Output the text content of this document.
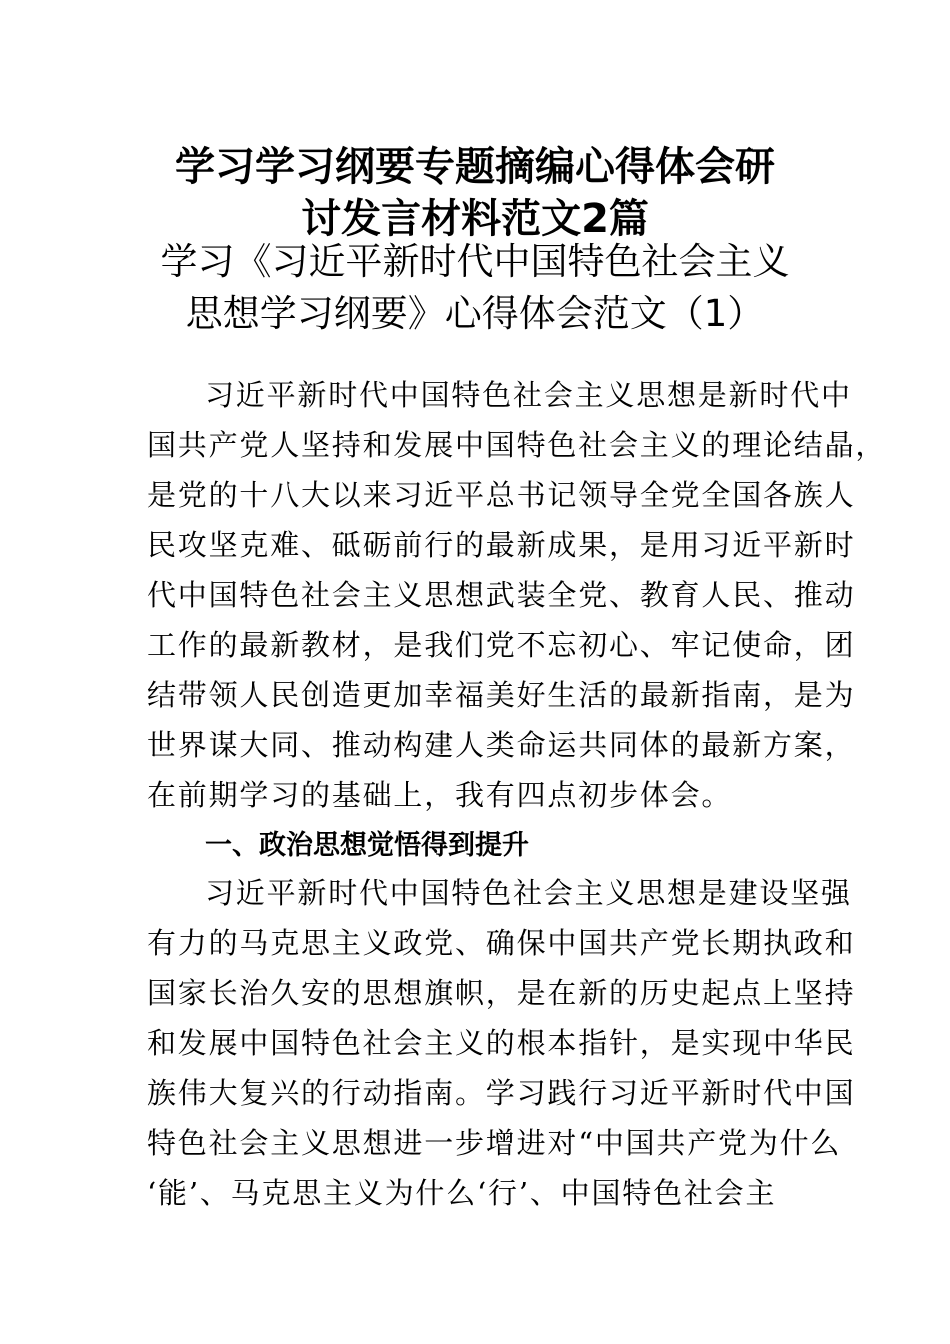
学习学习纲要专题摘编心得体会研
讨发言材料范文2篇
学习《习近平新时代中国特色社会主义
思想学习纲要》心得体会范文（1）
习近平新时代中国特色社会主义思想是新时代中
国共产党人坚持和发展中国特色社会主义的理论结晶，
是党的十八大以来习近平总书记领导全党全国各族人
民攻坚克难、砥砺前行的最新成果，是用习近平新时
代中国特色社会主义思想武装全党、教育人民、推动
工作的最新教材，是我们党不忘初心、牢记使命，团
结带领人民创造更加幸福美好生活的最新指南，是为
世界谋大同、推动构建人类命运共同体的最新方案，
在前期学习的基础上，我有四点初步体会。
一、政治思想觉悟得到提升
习近平新时代中国特色社会主义思想是建设坚强
有力的马克思主义政党、确保中国共产党长期执政和
国家长治久安的思想旗帜，是在新的历史起点上坚持
和发展中国特色社会主义的根本指针，是实现中华民
族伟大复兴的行动指南。学习践行习近平新时代中国
特色社会主义思想进一步增进对“中国共产党为什么
‘能’、马克思主义为什么‘行’、中国特色社会主
